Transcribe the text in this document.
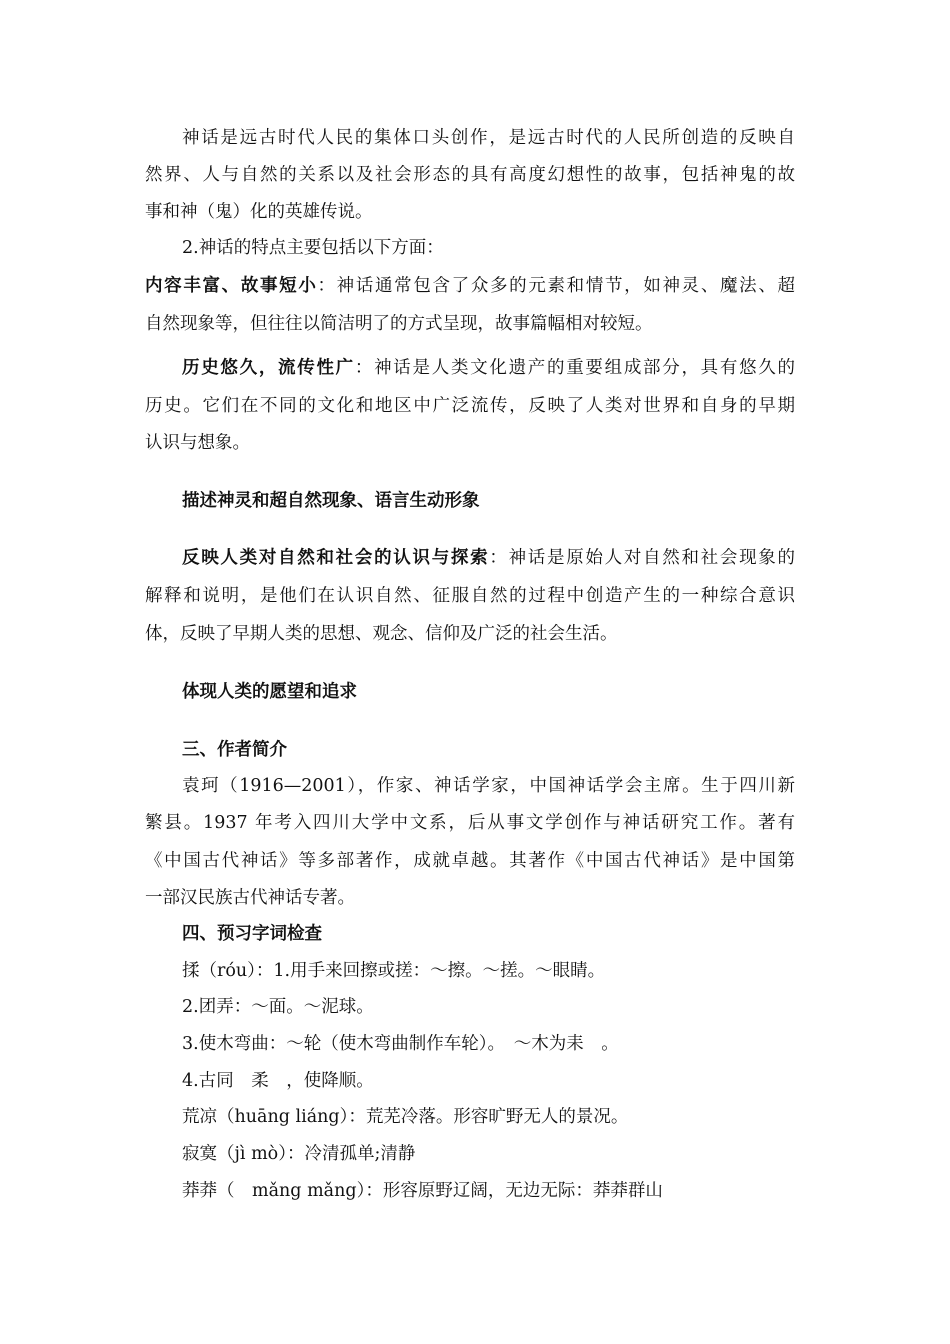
神话是远古时代人民的集体口头创作，是远古时代的人民所创造的反映自
然界、人与自然的关系以及社会形态的具有高度幻想性的故事，包括神鬼的故
事和神（鬼）化的英雄传说。
2.神话的特点主要包括以下方面：
内容丰富、故事短小：神话通常包含了众多的元素和情节，如神灵、魔法、超
自然现象等，但往往以简洁明了的方式呈现，故事篇幅相对较短。
历史悠久，流传性广：神话是人类文化遗产的重要组成部分，具有悠久的
历史。它们在不同的文化和地区中广泛流传，反映了人类对世界和自身的早期
认识与想象。
描述神灵和超自然现象、语言生动形象
反映人类对自然和社会的认识与探索：神话是原始人对自然和社会现象的
解释和说明，是他们在认识自然、征服自然的过程中创造产生的一种综合意识
体，反映了早期人类的思想、观念、信仰及广泛的社会生活。
体现人类的愿望和追求
三、作者简介
袁珂（1916—2001），作家、神话学家，中国神话学会主席。生于四川新
繁县。1937 年考入四川大学中文系，后从事文学创作与神话研究工作。著有
《中国古代神话》等多部著作，成就卓越。其著作《中国古代神话》是中国第
一部汉民族古代神话专著。
四、预习字词检查
揉（róu）：1.用手来回擦或搓：～擦。～搓。～眼睛。
2.团弄：～面。～泥球。
3.使木弯曲：～轮（使木弯曲制作车轮）。　～木为耒　。
4.古同　柔　，使降顺。
荒凉（huāng liáng）：荒芜冷落。形容旷野无人的景况。
寂寞（jì mò）：冷清孤单;清静
莽莽（　mǎng mǎng）：形容原野辽阔，无边无际：莽莽群山
